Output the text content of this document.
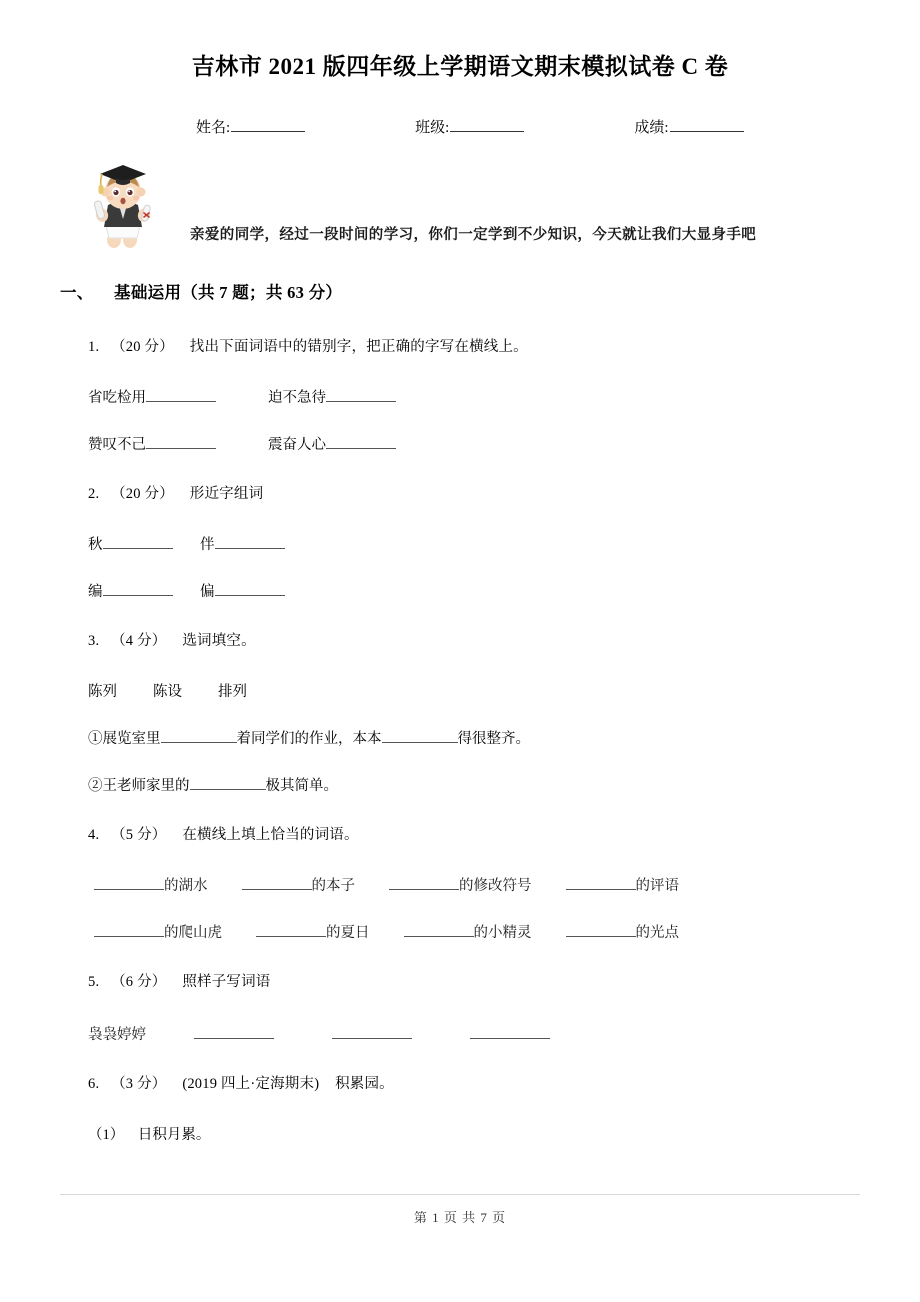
吉林市 2021 版四年级上学期语文期末模拟试卷 C 卷
姓名:	班级:	成绩:
亲爱的同学，经过一段时间的学习，你们一定学到不少知识，今天就让我们大显身手吧
一、 基础运用（共 7 题；共 63 分）
1. （20 分） 找出下面词语中的错别字，把正确的字写在横线上。
省吃检用	迫不急待
赞叹不己	震奋人心
2. （20 分） 形近字组词
秋	伴
编	偏
3. （4 分） 选词填空。
陈列 陈设 排列
①展览室里	着同学们的作业，本本	得很整齐。
②王老师家里的	极其简单。
4. （5 分） 在横线上填上恰当的词语。
的湖水	的本子	的修改符号	的评语
的爬山虎	的夏日	的小精灵	的光点
5. （6 分） 照样子写词语
袅袅婷婷
6. （3 分） (2019 四上·定海期末) 积累园。
（1） 日积月累。
第 1 页 共 7 页
